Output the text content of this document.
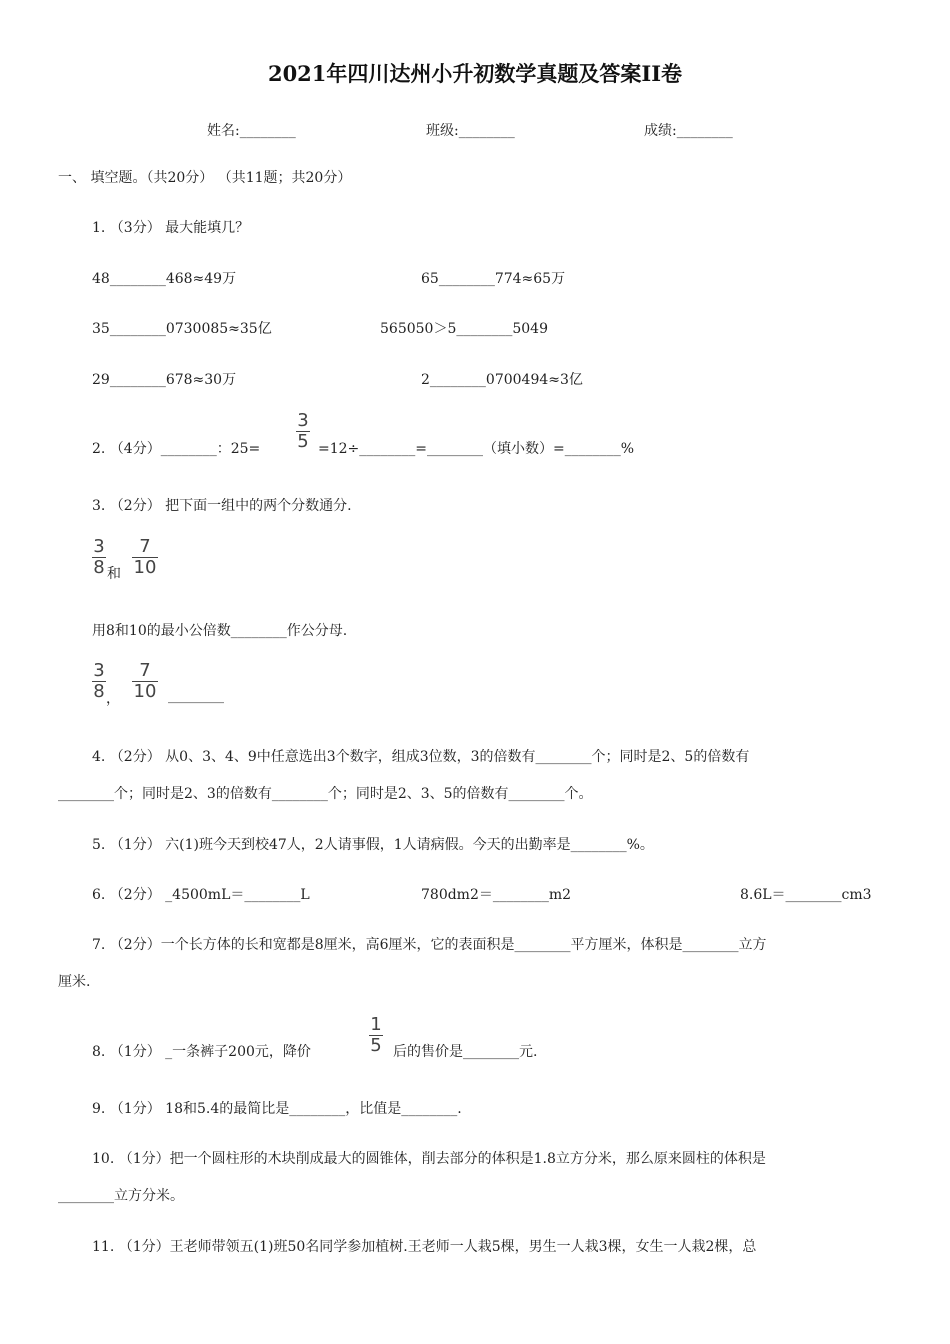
2021年四川达州小升初数学真题及答案II卷
姓名:________	班级:________	成绩:________
一、 填空题。（共20分） （共11题；共20分）
1. （3分） 最大能填几？
48________468≈49万	65________774≈65万
35________0730085≈35亿	565050＞5________5049
29________678≈30万	2________0700494≈3亿
2. （4分）________：25=
3
5 =12÷________=________（填小数）=________%
3. （2分） 把下面一组中的两个分数通分.
3
8 和
7
10
用8和10的最小公倍数________作公分母.
3
8 ，
7
10 ________
4. （2分） 从0、3、4、9中任意选出3个数字，组成3位数，3的倍数有________个；同时是2、5的倍数有
________个；同时是2、3的倍数有________个；同时是2、3、5的倍数有________个。
5. （1分） 六(1)班今天到校47人，2人请事假，1人请病假。今天的出勤率是________%。
6. （2分） _4500mL＝________L	780dm2＝________m2	8.6L＝________cm3
7. （2分）一个长方体的长和宽都是8厘米，高6厘米，它的表面积是________平方厘米，体积是________立方
厘米.
8. （1分） _一条裤子200元，降价
1
5 后的售价是________元.
9. （1分） 18和5.4的最简比是________，比值是________.
10. （1分）把一个圆柱形的木块削成最大的圆锥体，削去部分的体积是1.8立方分米，那么原来圆柱的体积是
________立方分米。
11. （1分）王老师带领五(1)班50名同学参加植树.王老师一人栽5棵，男生一人栽3棵，女生一人栽2棵，总
